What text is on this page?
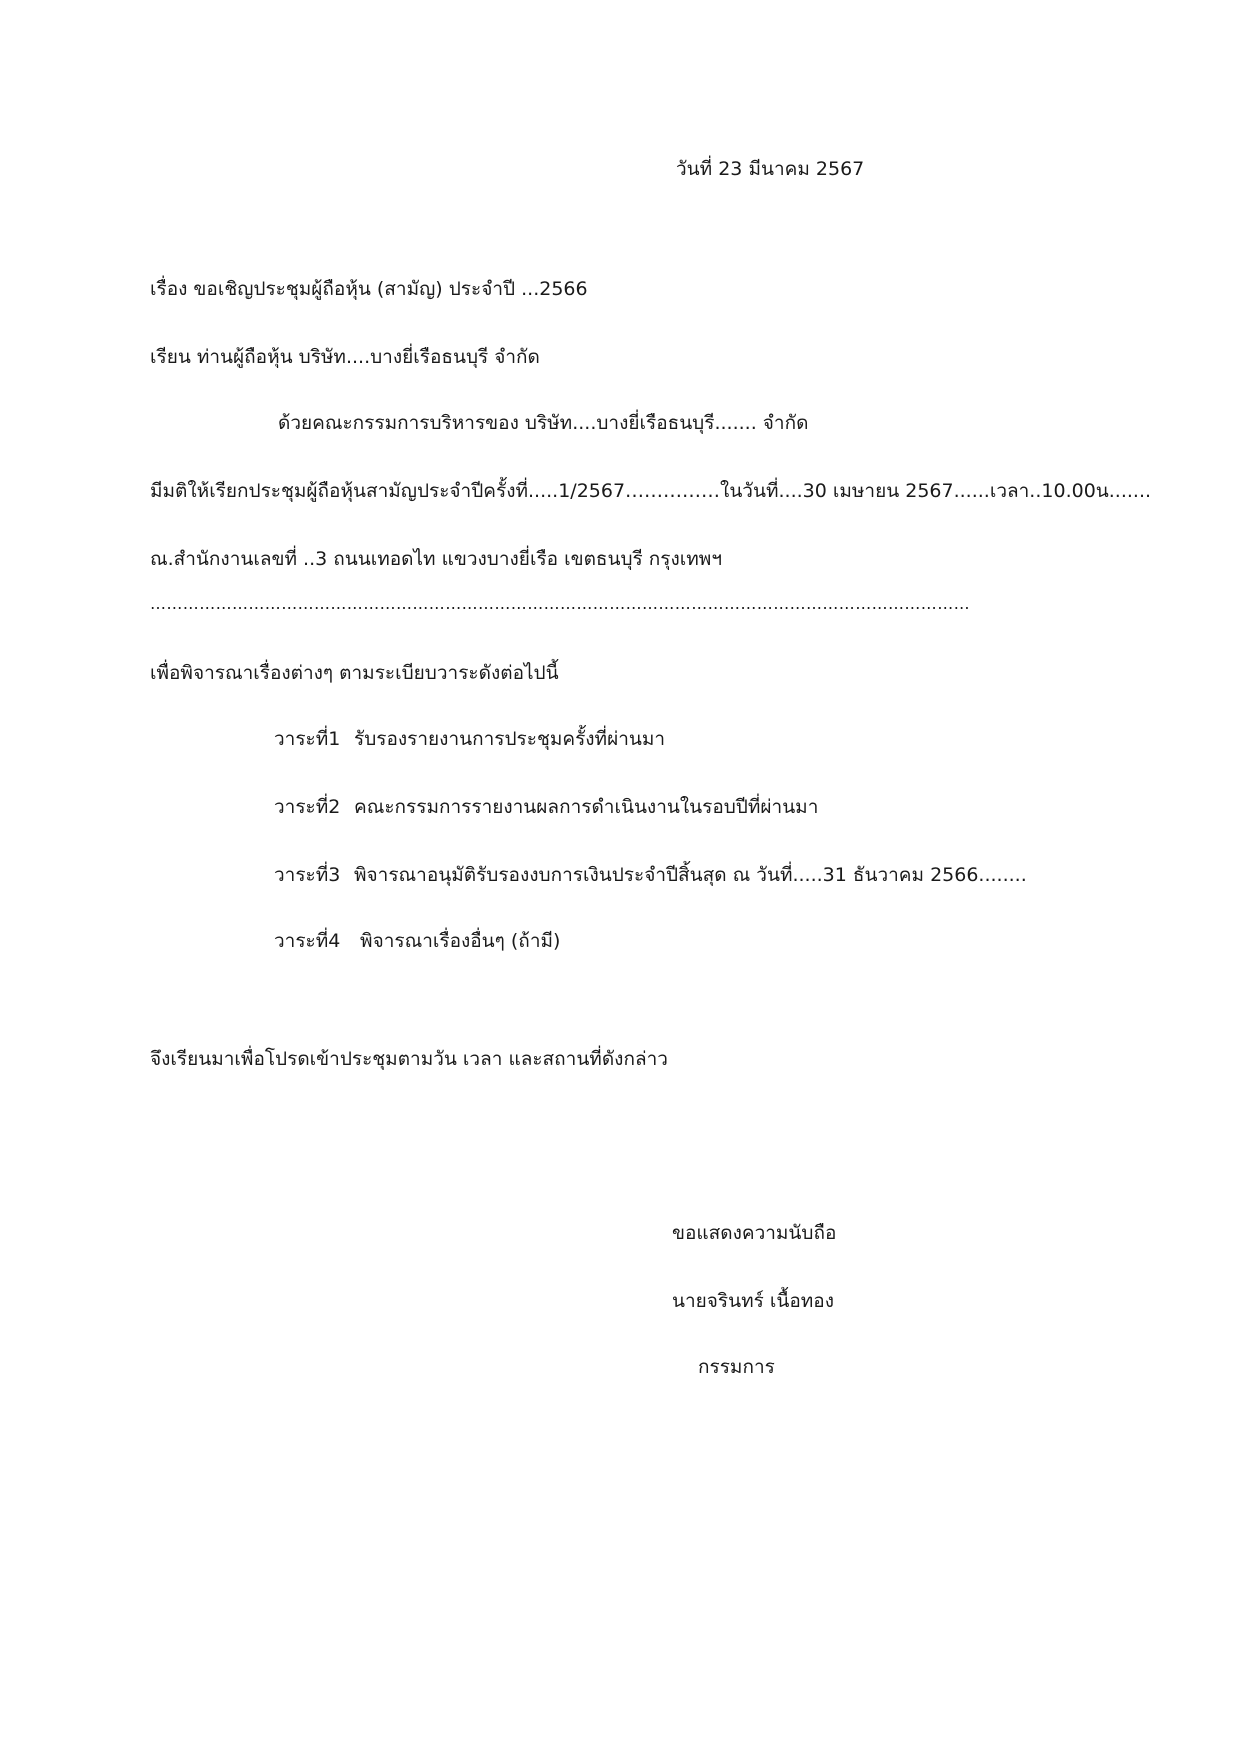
วันที่ 23 มีนาคม 2567
เรื่อง ขอเชิญประชุมผู้ถือหุ้น (สามัญ) ประจำปี ...2566
เรียน ท่านผู้ถือหุ้น บริษัท....บางยี่เรือธนบุรี จำกัด
ด้วยคณะกรรมการบริหารของ บริษัท....บางยี่เรือธนบุรี....... จำกัด
มีมติให้เรียกประชุมผู้ถือหุ้นสามัญประจำปีครั้งที่.....1/2567……………ในวันที่....30 เมษายน 2567......เวลา..10.00น.......
ณ.สำนักงานเลขที่ ..3 ถนนเทอดไท แขวงบางยี่เรือ เขตธนบุรี กรุงเทพฯ
……………………………………………………………………………………………………………………………………
เพื่อพิจารณาเรื่องต่างๆ ตามระเบียบวาระดังต่อไปนี้
วาระที่1 รับรองรายงานการประชุมครั้งที่ผ่านมา
วาระที่2 คณะกรรมการรายงานผลการดำเนินงานในรอบปีที่ผ่านมา
วาระที่3 พิจารณาอนุมัติรับรองงบการเงินประจำปีสิ้นสุด ณ วันที่.....31 ธันวาคม 2566........
วาระที่4 พิจารณาเรื่องอื่นๆ (ถ้ามี)
จึงเรียนมาเพื่อโปรดเข้าประชุมตามวัน เวลา และสถานที่ดังกล่าว
ขอแสดงความนับถือ
นายจรินทร์ เนื้อทอง
กรรมการ
